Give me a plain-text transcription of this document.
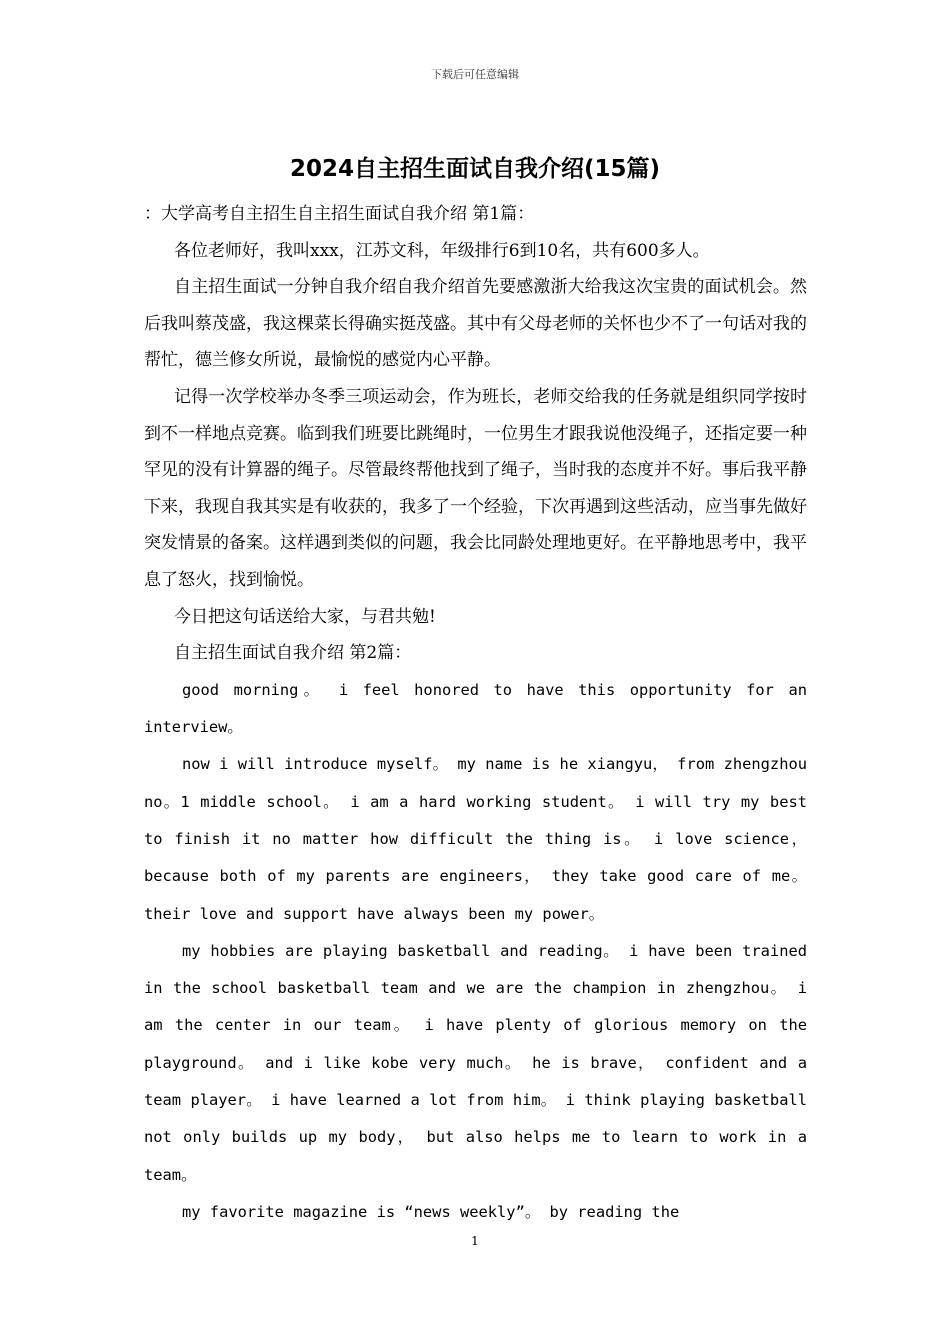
下载后可任意编辑
2024自主招生面试自我介绍(15篇)

：大学高考自主招生自主招生面试自我介绍 第1篇：

各位老师好，我叫xxx，江苏文科，年级排行6到10名，共有600多人。

自主招生面试一分钟自我介绍自我介绍首先要感激浙大给我这次宝贵的面试机会。然后我叫蔡茂盛，我这棵菜长得确实挺茂盛。其中有父母老师的关怀也少不了一句话对我的帮忙，德兰修女所说，最愉悦的感觉内心平静。

记得一次学校举办冬季三项运动会，作为班长，老师交给我的任务就是组织同学按时到不一样地点竞赛。临到我们班要比跳绳时，一位男生才跟我说他没绳子，还指定要一种罕见的没有计算器的绳子。尽管最终帮他找到了绳子，当时我的态度并不好。事后我平静下来，我现自我其实是有收获的，我多了一个经验，下次再遇到这些活动，应当事先做好突发情景的备案。这样遇到类似的问题，我会比同龄处理地更好。在平静地思考中，我平息了怒火，找到愉悦。

今日把这句话送给大家，与君共勉!

自主招生面试自我介绍 第2篇：

good morning。 i feel honored to have this opportunity for an interview。

now i will introduce myself。 my name is he xiangyu， from zhengzhou no。1 middle school。 i am a hard working student。 i will try my best to finish it no matter how difficult the thing is。 i love science， because both of my parents are engineers， they take good care of me。 their love and support have always been my power。

my hobbies are playing basketball and reading。 i have been trained in the school basketball team and we are the champion in zhengzhou。 i am the center in our team。 i have plenty of glorious memory on the playground。 and i like kobe very much。 he is brave， confident and a team player。 i have learned a lot from him。 i think playing basketball not only builds up my body， but also helps me to learn to work in a team。

my favorite magazine is “news weekly”。 by reading the

1
